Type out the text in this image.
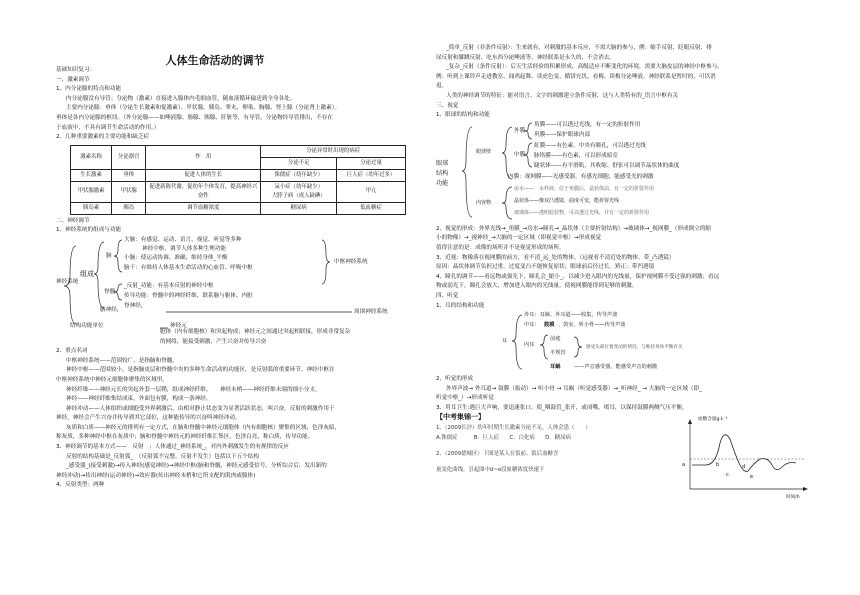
人体生命活动的调节

基础知识复习：

一、激素调节

1、内分泌腺的特点和功能

内分泌腺没有导管；分泌物（激素）直接进入腺体内毛细血管，随血液循环输送到全身各处。

主要内分泌腺：垂体（分泌生长激素和促激素）、甲状腺、胰岛、睾丸、卵巢、胸腺、肾上腺（分泌肾上激素）。

垂体是各内分泌腺的枢纽。（外分泌腺——如唾液腺、肠腺、胰腺、肝脏等，有导管，分泌物经导管排出，不存在

于血液中，不具有调节生命活动的作用。）

2、几种重要激素的主要功能和缺乏症

激素名称	分泌器官	作　用	分泌异常时出现的病症	
			分泌不足	分泌过量
生长激素	垂体	促进人体的生长	侏儒症（幼年缺少）	巨人症（幼年过多）
甲状腺激素	甲状腺	促进新陈代谢、促幼年个体发育，提高神经兴奋性	呆小症（幼年缺少）
大脖子病（成人缺碘）	甲亢
胰岛素	胰岛	调节血糖浓度	糖尿病	低血糖症

二、神经调节

1、神经系统的组成与功能

神经系统
组成
脑
脊髓
大脑：有感觉、运动、语言、视觉、听觉等多种
神经中枢，调节人体多种生理功能
小脑：使运动协调、准确，维持身体_平衡
脑干：有维持人体基本生命活动的心血管、呼吸中枢
_反射_功能：有基本反射的神经中枢
传导功能：脊髓中的神经纤维，联系脑与躯体、内脏
脊神经，
脑神经，
中枢神经系统
周围神经系统
结构功能单位	神经元

胞体（内有细胞核）和突起构成；神经元之间通过突起相联接，形成非常复杂

的网络，能接受刺激、产生兴奋并传导兴奋

2、重点名词

中枢神经系统——范围较广，是指脑和脊髓。

神经中枢——范围较小，是指脑皮层和脊髓中央的多种生命活动的功能区，是反射弧的重要环节。神经中枢在

中枢神经系统中神经元细胞体聚集的区域里。

神经纤维——神经元长的突起外套一层鞘，组成神经纤维。　　神经末梢——神经纤维末端的细小分支。

神经——神经纤维集结成束，外面包有膜，构成一条神经。

神经冲动——人体组织或细胞受外界刺激后，由相对静止状态变为显著活跃状态，叫兴奋。反射的刺激作用于

神经，神经会产生兴奋并传导到其它部位，这种能传导的兴奋叫神经冲动。

灰质和白质——神经元的排列有一定方式，在脑和脊髓中神经元细胞体（内有细胞核）聚集的区域，色泽灰暗，

称灰质，多种神经中枢在灰质中；脑和脊髓中神经元的神经纤维汇集区，色泽白亮，称白质，传导功能。

3、神经调节的基本方式——　反射　；人体通过_神经系统_，对内外刺激发生的有规律的反应

反射的结构基础是_反射弧_　（反射弧不完整，反射不发生）包括以下五个结构

_感受器_(接受刺激)→传入神经(感觉神经)→神经中枢(脑和脊髓，神经元感受信号，分析综合后，发出新的

神经冲动)→传出神经(运动神经)→效应器(传出神经末梢和它所支配的肌肉或腺体)

4、反射类型：两种

_简单_反射（非条件反射）：生来就有，对刺激的基本反应，不需大脑的参与，例：缩手反射、眨眼反射、排

尿反射和膝跳反射、吃东西分泌唾液等。神经联系是永久的，不会消去。

_复杂_反射（条件反射）：后天生活经验的积累形成，高级适应不断变化的环境，需要大脑皮层的神经中枢参与。

例：听到上课铃声走进教室、闻鸡起舞、谈虎色变、循饼充饥、看梅、谈梅分泌唾液。神经联系是暂时的，可以消

退。

人类的神经调节的特征：能对语言、文字的刺激建立条件反射，这与人类特有的_语言中枢有关

三、视觉

1、眼球的结构和功能

眼球
结构
功能
眼球壁
内容物
外膜
中膜
角膜——可以透过光线，有一定的折射作用
巩膜——保护眼球内部
虹膜——有色素，中央有瞳孔，可以透过光线
脉络膜——有色素，可以形成暗室
睫状体——有平滑肌，其收缩、舒张可以调节晶状体的曲度
内膜：视网膜——光感受器，有感光细胞，能感受光的刺激
房水——　水样液，位于角膜后，晶状体前，有一定的折射作用
晶状体——像双凸透镜，曲度可变，能折射光线
玻璃体——透明胶状物，可以透过光线，并有一定的折射作用

2、视觉的形成：外界光线→_角膜_→房水→瞳孔→_晶状体（主要折射结构）→玻璃体→_视网膜_（形成倒立的缩

小的物像）→_视神经_→大脑的一定区域（即视觉中枢）→形成视觉

值得注意的是：成像的场所并不是视觉形成的场所。

3、近视：物像落在视网膜的前方，看不清_远_处的物体。（远视看不清近处的物体，带_凸透镜）

原因：晶状体调节负担过重，过度变凸不能恢复原状；眼球前后径过长。矫正：带凹透镜

4、瞳孔的调节——看远物或强光下，瞳孔会_缩小_，以减少进入眼内的光线量，保护视网膜不受过强的刺激；看远

物或弱光下，瞳孔会放大，增加进入眼内的光线量，使视网膜能得到足够的刺激。

四、听觉

1、耳的结构和功能

耳
外耳：耳廓、外耳道——收集、传导声波
中耳： 鼓膜 、鼓室、听小骨——传导声波
内耳
前庭
半规管
感受头部位置变动的情况，与维持身体平衡有关
耳蜗	——声音感受器，能感受声音的刺激

2、听觉的形成

外界声波→ 外耳道→ 鼓膜（振动）→ 听小骨 → 耳蜗（听觉感受器）→_听神经_ → 大脑的一定区域（即_

听觉中枢_）→形成听觉

3、用耳卫生:遇巨大声响，要迅速张口，使_咽鼓管_张开，或闭嘴，堵耳，以保持鼓膜两侧气压平衡。

【中考集锦一】

1、（2009长沙）幼年时期生长激素分泌不足，人体会患（　　）

A.侏儒症	B．巨人症 C．白化病 D．糖尿病

2、（2009德城区）下图是某人在饭前、饭后血糖含

量变化曲线。引起图中d~e段血糖浓度快速下

血糖含量g·L⁻¹
时间/h
a	b
c
d
e
